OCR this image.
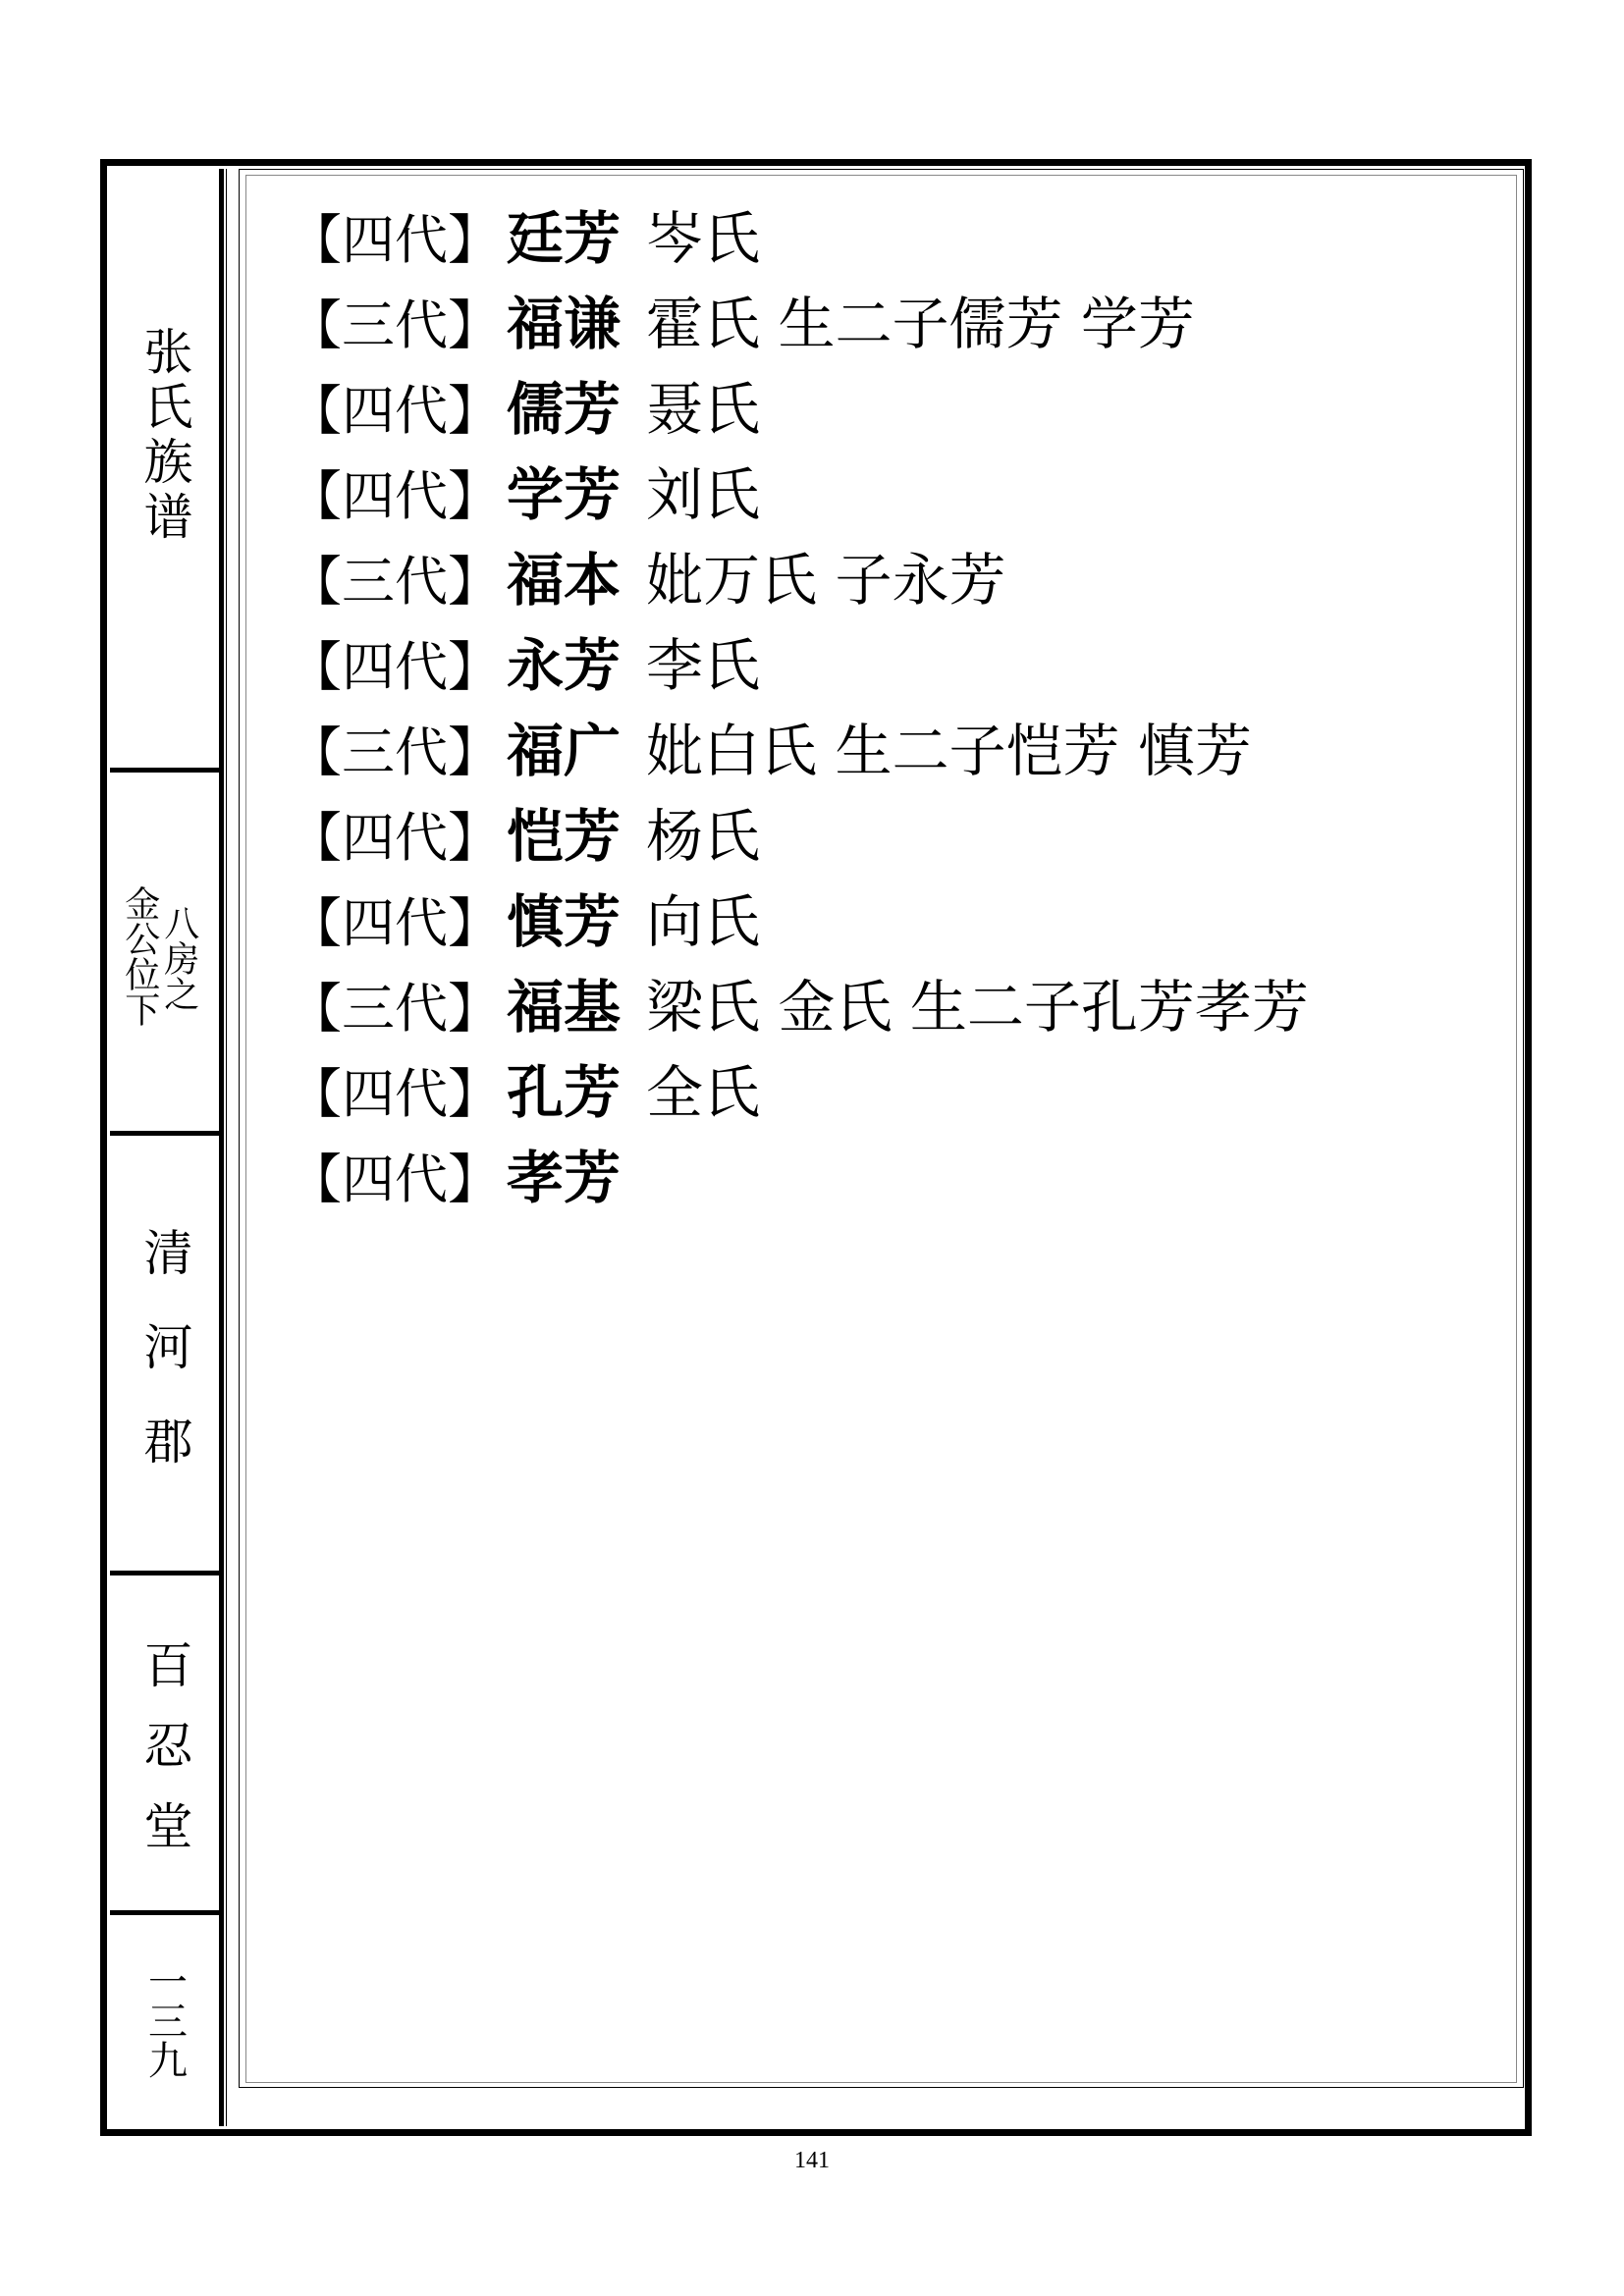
张氏族谱
八房之
金公位下
清河郡
百忍堂
一三九
【四代】 廷芳 岑氏
【三代】 福谦 霍氏 生二子儒芳 学芳
【四代】 儒芳 聂氏
【四代】 学芳 刘氏
【三代】 福本 妣万氏 子永芳
【四代】 永芳 李氏
【三代】 福广 妣白氏 生二子恺芳 慎芳
【四代】 恺芳 杨氏
【四代】 慎芳 向氏
【三代】 福基 梁氏 金氏 生二子孔芳孝芳
【四代】 孔芳 全氏
【四代】 孝芳
141
